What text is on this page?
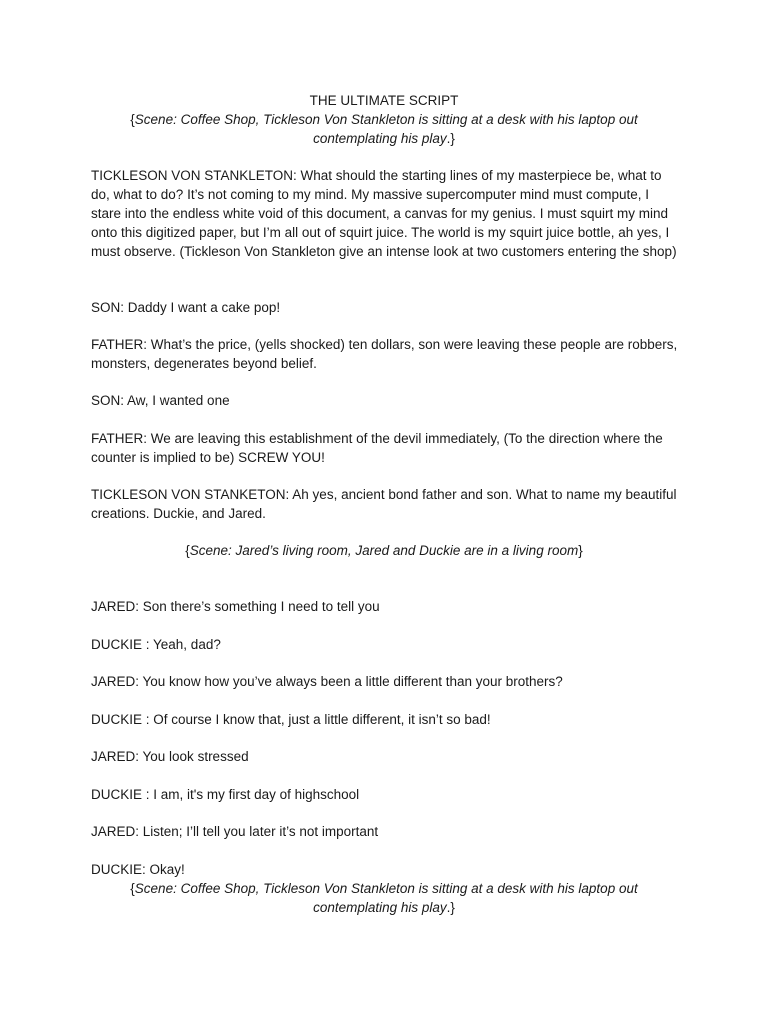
THE ULTIMATE SCRIPT

{Scene: Coffee Shop, Tickleson Von Stankleton is sitting at a desk with his laptop out contemplating his play.}

TICKLESON VON STANKLETON: What should the starting lines of my masterpiece be, what to do, what to do? It’s not coming to my mind. My massive supercomputer mind must compute, I stare into the endless white void of this document, a canvas for my genius. I must squirt my mind onto this digitized paper, but I’m all out of squirt juice. The world is my squirt juice bottle, ah yes, I must observe. (Tickleson Von Stankleton give an intense look at two customers entering the shop)

SON: Daddy I want a cake pop!

FATHER: What’s the price, (yells shocked) ten dollars, son were leaving these people are robbers, monsters, degenerates beyond belief.

SON: Aw, I wanted one

FATHER: We are leaving this establishment of the devil immediately, (To the direction where the counter is implied to be) SCREW YOU!

TICKLESON VON STANKETON: Ah yes, ancient bond father and son. What to name my beautiful creations. Duckie, and Jared.

{Scene: Jared’s living room, Jared and Duckie are in a living room}

JARED: Son there’s something I need to tell you

DUCKIE : Yeah, dad?

JARED: You know how you’ve always been a little different than your brothers?

DUCKIE : Of course I know that, just a little different, it isn’t so bad!

JARED: You look stressed

DUCKIE : I am, it's my first day of highschool

JARED: Listen; I’ll tell you later it’s not important

DUCKIE: Okay!

{Scene: Coffee Shop, Tickleson Von Stankleton is sitting at a desk with his laptop out contemplating his play.}
